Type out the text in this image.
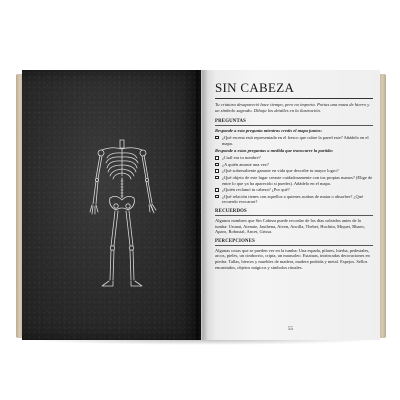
SIN CABEZA
Tu criatura desapareció hace tiempo, pero no importa. Portas una maza de hierro y un símbolo sagrado. Dibuja los detalles en la ilustración.
PREGUNTAS
Responde a esta pregunta mientras creáis el mapa juntos:
¿Qué escena está representada en el fresco que cubre la pared este? Añádelo en el mapa.
Responde a estas preguntas a medida que transcurre la partida:
¿Cuál era tu nombre?
¿A quién amaste una vez?
¿Qué sobresaliente ganaste en vida que describe tu mayor logro?
¿Qué objeto de este lugar creaste cuidadosamente con tus propias manos? (Elige de entre lo que ya ha aparecido si puedes). Añádelo en el mapa.
¿Quién reclamó tu cabeza? ¿Por qué?
¿Qué relación tienes con aquellos a quienes acabas de matar o absorber? ¿Qué recuerdo evocaron?
RECUERDOS
Algunos nombres que Sin Cabeza puede recordar de los días soleados antes de la tumba: Urunai, Atenate, Jauthena, Aiven, Ancilla, Thebet, Huchtin, Miquei, Rhaeo, Aparo, Robustal, Ancet, Grissa.
PERCEPCIONES
Algunas cosas que se pueden ver en la tumba: Una espada, pilares, hierba, pedestales, arcos, pieles, un cimborrio, cripta, un mausoleo. Estatuas, intrincadas decoraciones en piedra. Tallas, hierros y muebles de madera, madera podrida y metal. Espejos. Sellos encantados, objetos mágicos y símbolos rituales.
55
